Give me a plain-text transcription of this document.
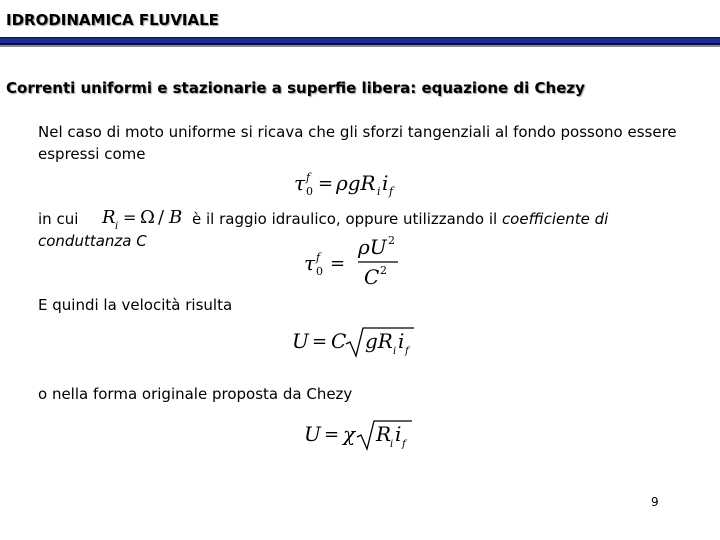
IDRODINAMICA FLUVIALE
Correnti uniformi e stazionarie a superfie libera: equazione di Chezy
Nel caso di moto uniforme si ricava che gli sforzi tangenziali al fondo possono essere espressi come
τ f
0 = ρgR i i f
in cui R i = Ω / B è il raggio idraulico, oppure utilizzando il coefficiente di
conduttanza C
τ f
0 =
ρU 2
C 2
E quindi la velocità risulta
U = C gR i i f
o nella forma originale proposta da Chezy
U = χ R
i i f
9
